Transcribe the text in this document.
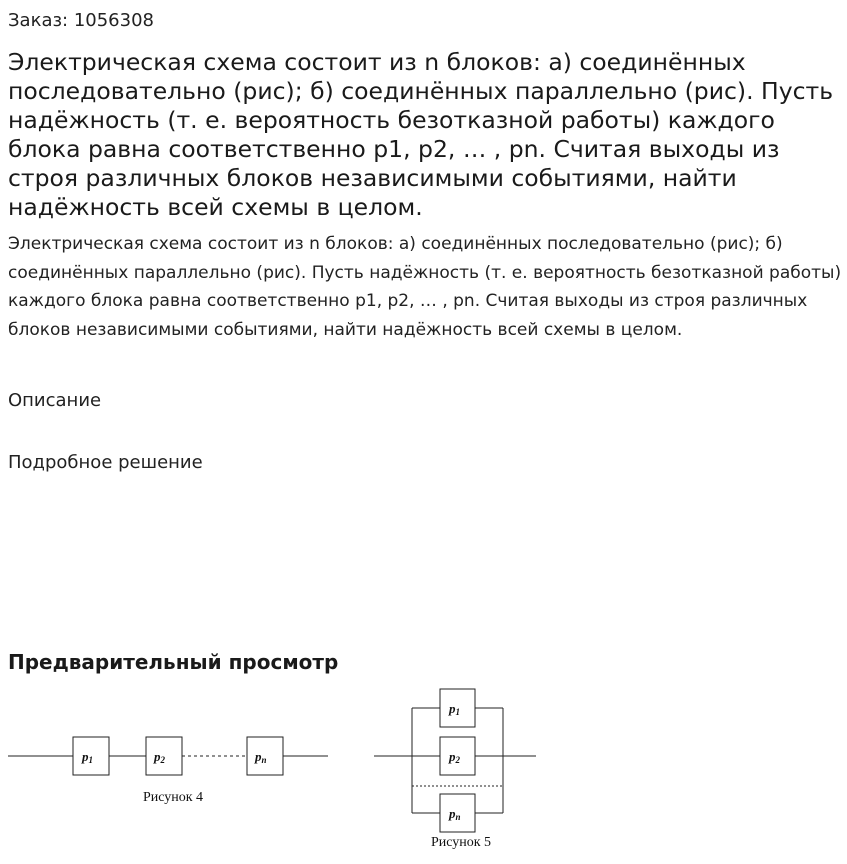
Заказ: 1056308
Электрическая схема состоит из n блоков: а) соединённых последовательно (рис); б) соединённых параллельно (рис). Пусть надёжность (т. е. вероятность безотказной работы) каждого блока равна соответственно p1, p2, … , pn. Считая выходы из строя различных блоков независимыми событиями, найти надёжность всей схемы в целом.

Электрическая схема состоит из n блоков: а) соединённых последовательно (рис); б) соединённых параллельно (рис). Пусть надёжность (т. е. вероятность безотказной работы) каждого блока равна соответственно p1, p2, … , pn. Считая выходы из строя различных блоков независимыми событиями, найти надёжность всей схемы в целом.

Описание
Подробное решение
Предварительный просмотр
p1	p2	pn
Рисунок 4
p1
p2
pn
Рисунок 5
